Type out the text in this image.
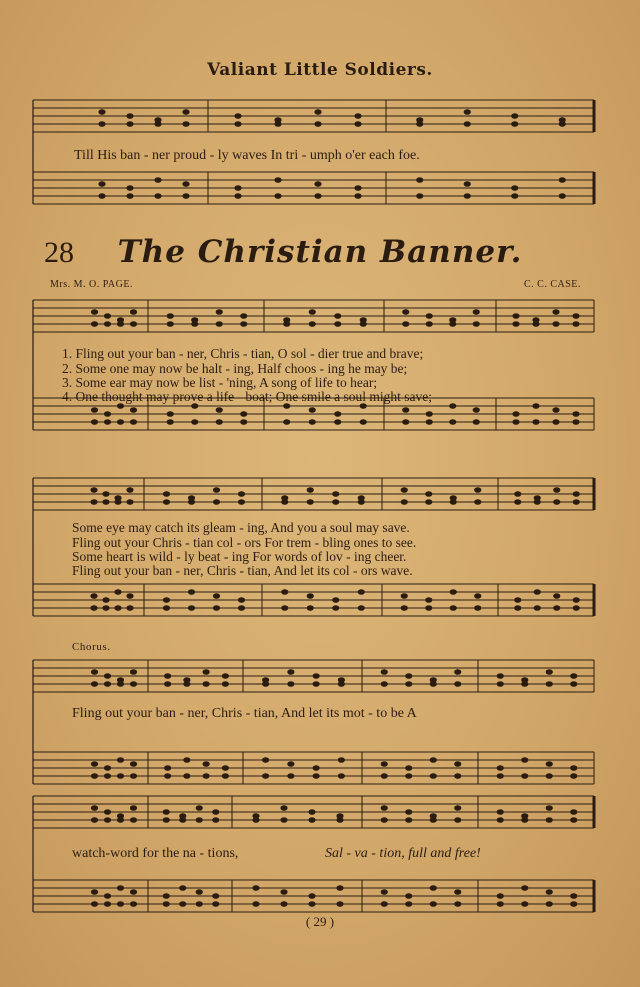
Valiant Little Soldiers.
Till His ban - ner proud - ly waves In tri - umph o'er each foe.
28	The Christian Banner.
Mrs. M. O. PAGE.	C. C. CASE.
1. Fling out your ban - ner, Chris - tian, O sol - dier true and brave;
2. Some one may now be halt - ing, Half choos - ing he may be;
3. Some ear may now be list - 'ning, A song of life to hear;
4. One thought may prove a life - boat; One smile a soul might save;
Some eye may catch its gleam - ing, And you a soul may save.
Fling out your Chris - tian col - ors For trem - bling ones to see.
Some heart is wild - ly beat - ing For words of lov - ing cheer.
Fling out your ban - ner, Chris - tian, And let its col - ors wave.
Chorus.
Fling out your ban - ner, Chris - tian, And let its mot - to be A
watch-word for the na - tions,	Sal - va - tion, full and free!
( 29 )
